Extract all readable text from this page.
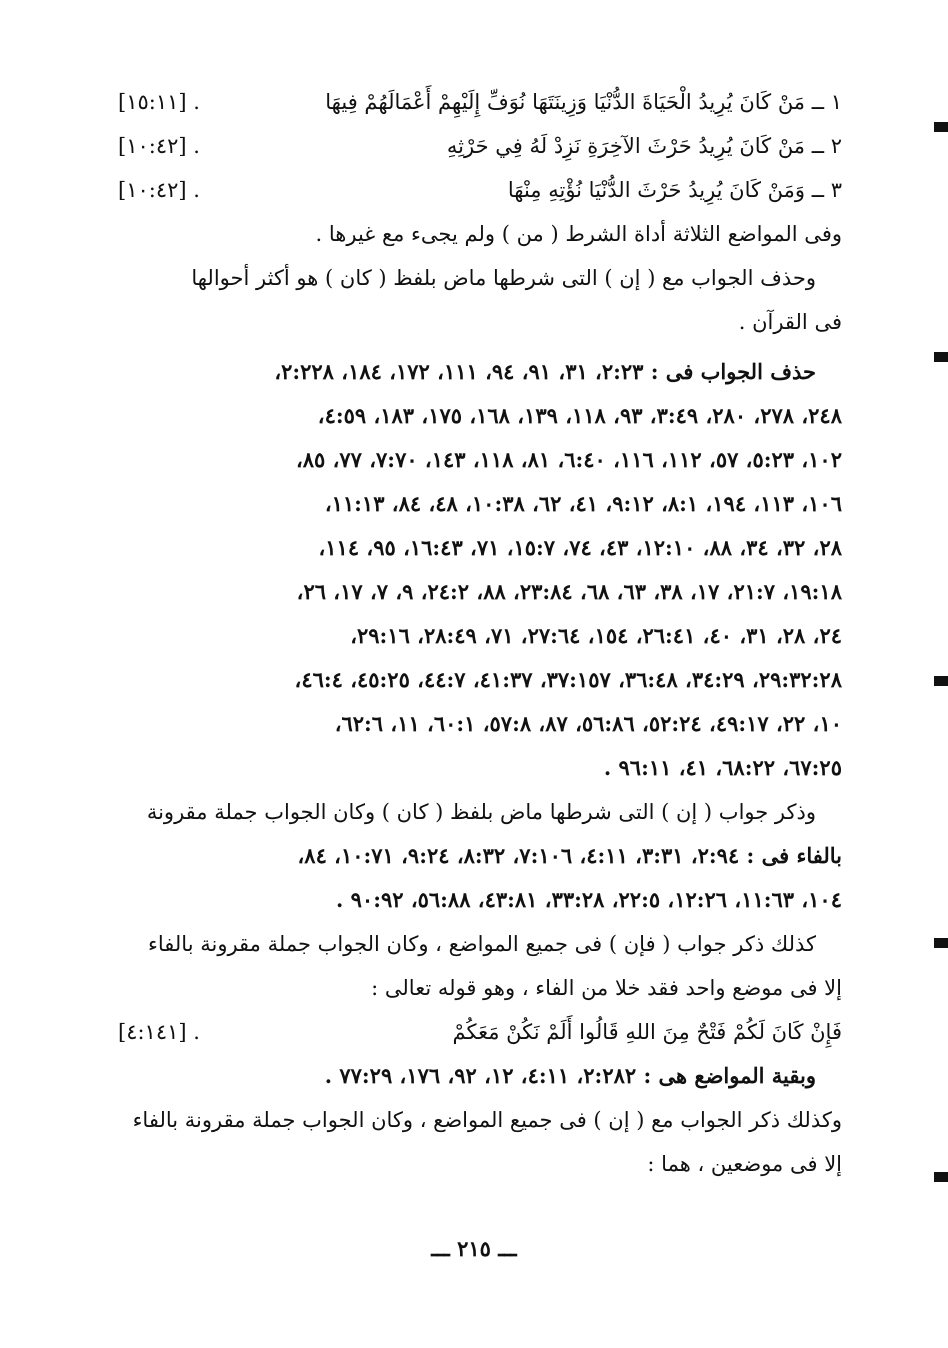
١ ــ مَنْ كَانَ يُرِيدُ الْحَيَاةَ الدُّنْيَا وَزِينَتَهَا نُوَفِّ إِلَيْهِمْ أَعْمَالَهُمْ فِيهَا
[١٥:١١] .
٢ ــ مَنْ كَانَ يُرِيدُ حَرْثَ الآخِرَةِ نَزِدْ لَهُ فِي حَرْثِهِ
[١٠:٤٢] .
٣ ــ وَمَنْ كَانَ يُرِيدُ حَرْثَ الدُّنْيَا نُؤْتِهِ مِنْهَا
[١٠:٤٢] .
وفى المواضع الثلاثة أداة الشرط ( من ) ولم يجىء مع غيرها .
وحذف الجواب مع ( إن ) التى شرطها ماض بلفظ ( كان ) هو أكثر أحوالها
فى القرآن .
حذف الجواب فى : ٢:٢٣، ٣١، ٩١، ٩٤، ١١١، ١٧٢، ١٨٤، ٢:٢٢٨،
٢٤٨، ٢٧٨، ٢٨٠، ٣:٤٩، ٩٣، ١١٨، ١٣٩، ١٦٨، ١٧٥، ١٨٣، ٤:٥٩،
١٠٢، ٥:٢٣، ٥٧، ١١٢، ١١٦، ٦:٤٠، ٨١، ١١٨، ١٤٣، ٧:٧٠، ٧٧، ٨٥،
١٠٦، ١١٣، ١٩٤، ٨:١، ٩:١٢، ٤١، ٦٢، ١٠:٣٨، ٤٨، ٨٤، ١١:١٣،
٢٨، ٣٢، ٣٤، ٨٨، ١٢:١٠، ٤٣، ٧٤، ١٥:٧، ٧١، ١٦:٤٣، ٩٥، ١١٤،
١٩:١٨، ٢١:٧، ١٧، ٣٨، ٦٣، ٦٨، ٢٣:٨٤، ٨٨، ٢٤:٢، ٩، ٧، ١٧، ٢٦،
٢٤، ٢٨، ٣١، ٤٠، ٢٦:٤١، ١٥٤، ٢٧:٦٤، ٧١، ٢٨:٤٩، ٢٩:١٦،
٢٩:٣٢:٢٨، ٣٤:٢٩، ٣٦:٤٨، ٣٧:١٥٧، ٤١:٣٧، ٤٤:٧، ٤٥:٢٥، ٤٦:٤،
١٠، ٢٢، ٤٩:١٧، ٥٢:٢٤، ٥٦:٨٦، ٨٧، ٥٧:٨، ٦٠:١، ١١، ٦٢:٦،
٦٧:٢٥، ٦٨:٢٢، ٤١، ٩٦:١١ .
وذكر جواب ( إن ) التى شرطها ماض بلفظ ( كان ) وكان الجواب جملة مقرونة
بالفاء فى : ٢:٩٤، ٣:٣١، ٤:١١، ٧:١٠٦، ٨:٣٢، ٩:٢٤، ١٠:٧١، ٨٤،
١٠٤، ١١:٦٣، ١٢:٢٦، ٢٢:٥، ٣٣:٢٨، ٤٣:٨١، ٥٦:٨٨، ٩٠:٩٢ .
كذلك ذكر جواب ( فإن ) فى جميع المواضع ، وكان الجواب جملة مقرونة بالفاء
إلا فى موضع واحد فقد خلا من الفاء ، وهو قوله تعالى :
فَإِنْ كَانَ لَكُمْ فَتْحٌ مِنَ اللهِ قَالُوا أَلَمْ نَكُنْ مَعَكُمْ
[٤:١٤١] .
وبقية المواضع هى : ٢:٢٨٢، ٤:١١، ١٢، ٩٢، ١٧٦، ٧٧:٢٩ .
وكذلك ذكر الجواب مع ( إن ) فى جميع المواضع ، وكان الجواب جملة مقرونة بالفاء
إلا فى موضعين ، هما :
ـــ ٢١٥ ـــ
